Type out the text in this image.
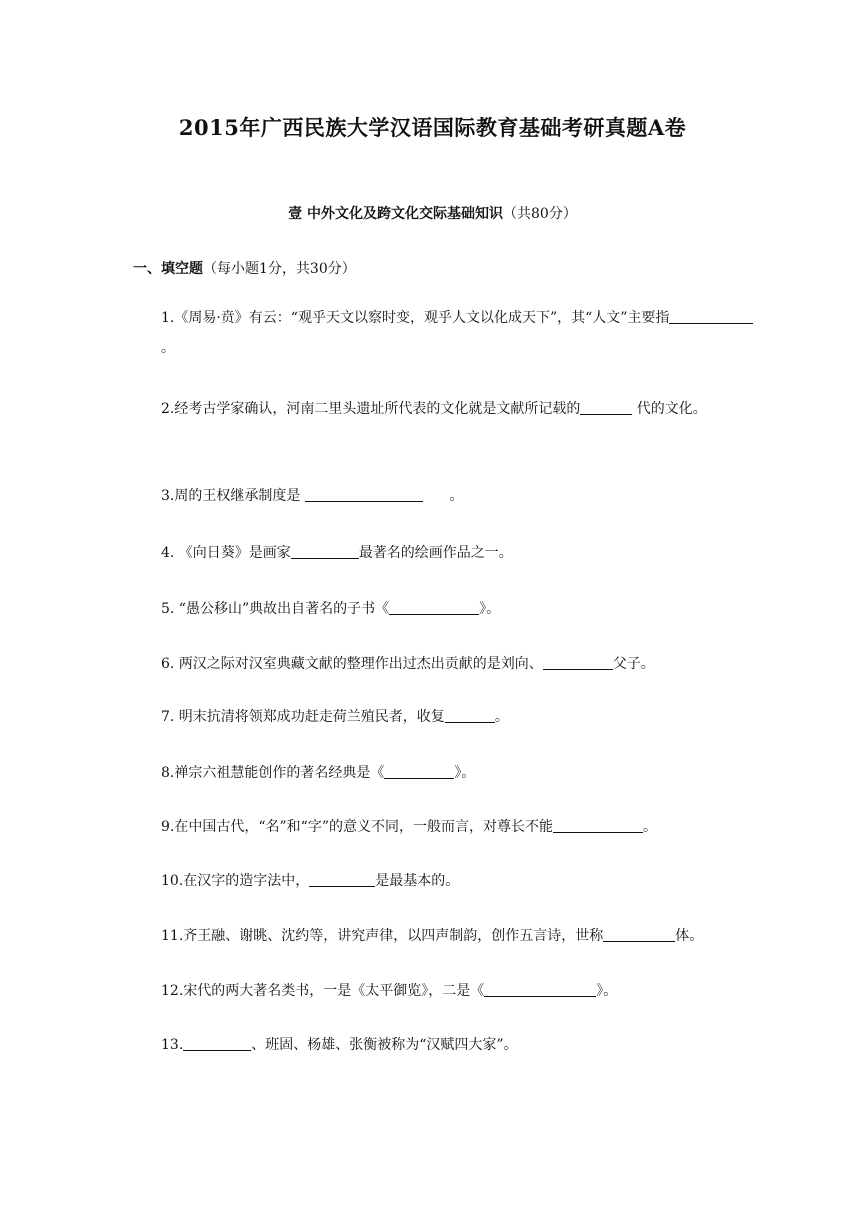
2015年广西民族大学汉语国际教育基础考研真题A卷
壹 中外文化及跨文化交际基础知识（共80分）
一、填空题（每小题1分，共30分）
1.《周易·贲》有云：“观乎天文以察时变，观乎人文以化成天下”，其“人文”主要指。
2.经考古学家确认，河南二里头遗址所代表的文化就是文献所记载的	代的文化。
3.周的王权继承制度是	。
4. 《向日葵》是画家	最著名的绘画作品之一。
5. “愚公移山”典故出自著名的子书《	》。
6. 两汉之际对汉室典藏文献的整理作出过杰出贡献的是刘向、	父子。
7. 明末抗清将领郑成功赶走荷兰殖民者，收复	。
8.禅宗六祖慧能创作的著名经典是《	》。
9.在中国古代，“名”和“字”的意义不同，一般而言，对尊长不能	。
10.在汉字的造字法中，	是最基本的。
11.齐王融、谢眺、沈约等，讲究声律，以四声制韵，创作五言诗，世称	体。
12.宋代的两大著名类书，一是《太平御览》，二是《	》。
13.	、班固、杨雄、张衡被称为“汉赋四大家”。
